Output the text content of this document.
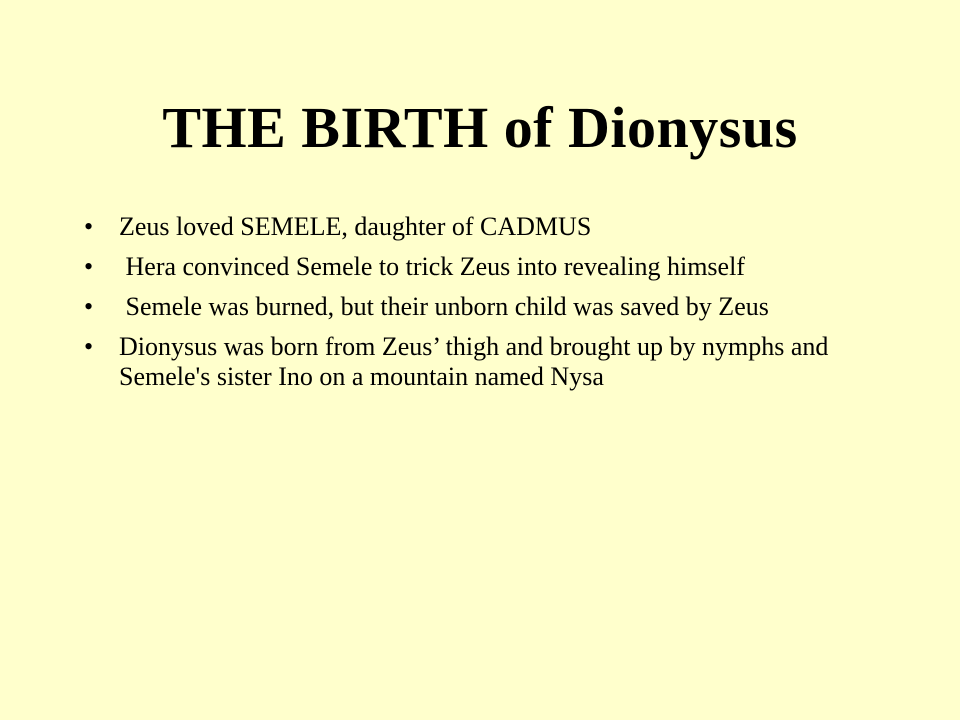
THE BIRTH of Dionysus
• Zeus loved SEMELE, daughter of CADMUS
• Hera convinced Semele to trick Zeus into revealing himself
• Semele was burned, but their unborn child was saved by Zeus
• Dionysus was born from Zeus’ thigh and brought up by nymphs and Semele's sister Ino on a mountain named Nysa
